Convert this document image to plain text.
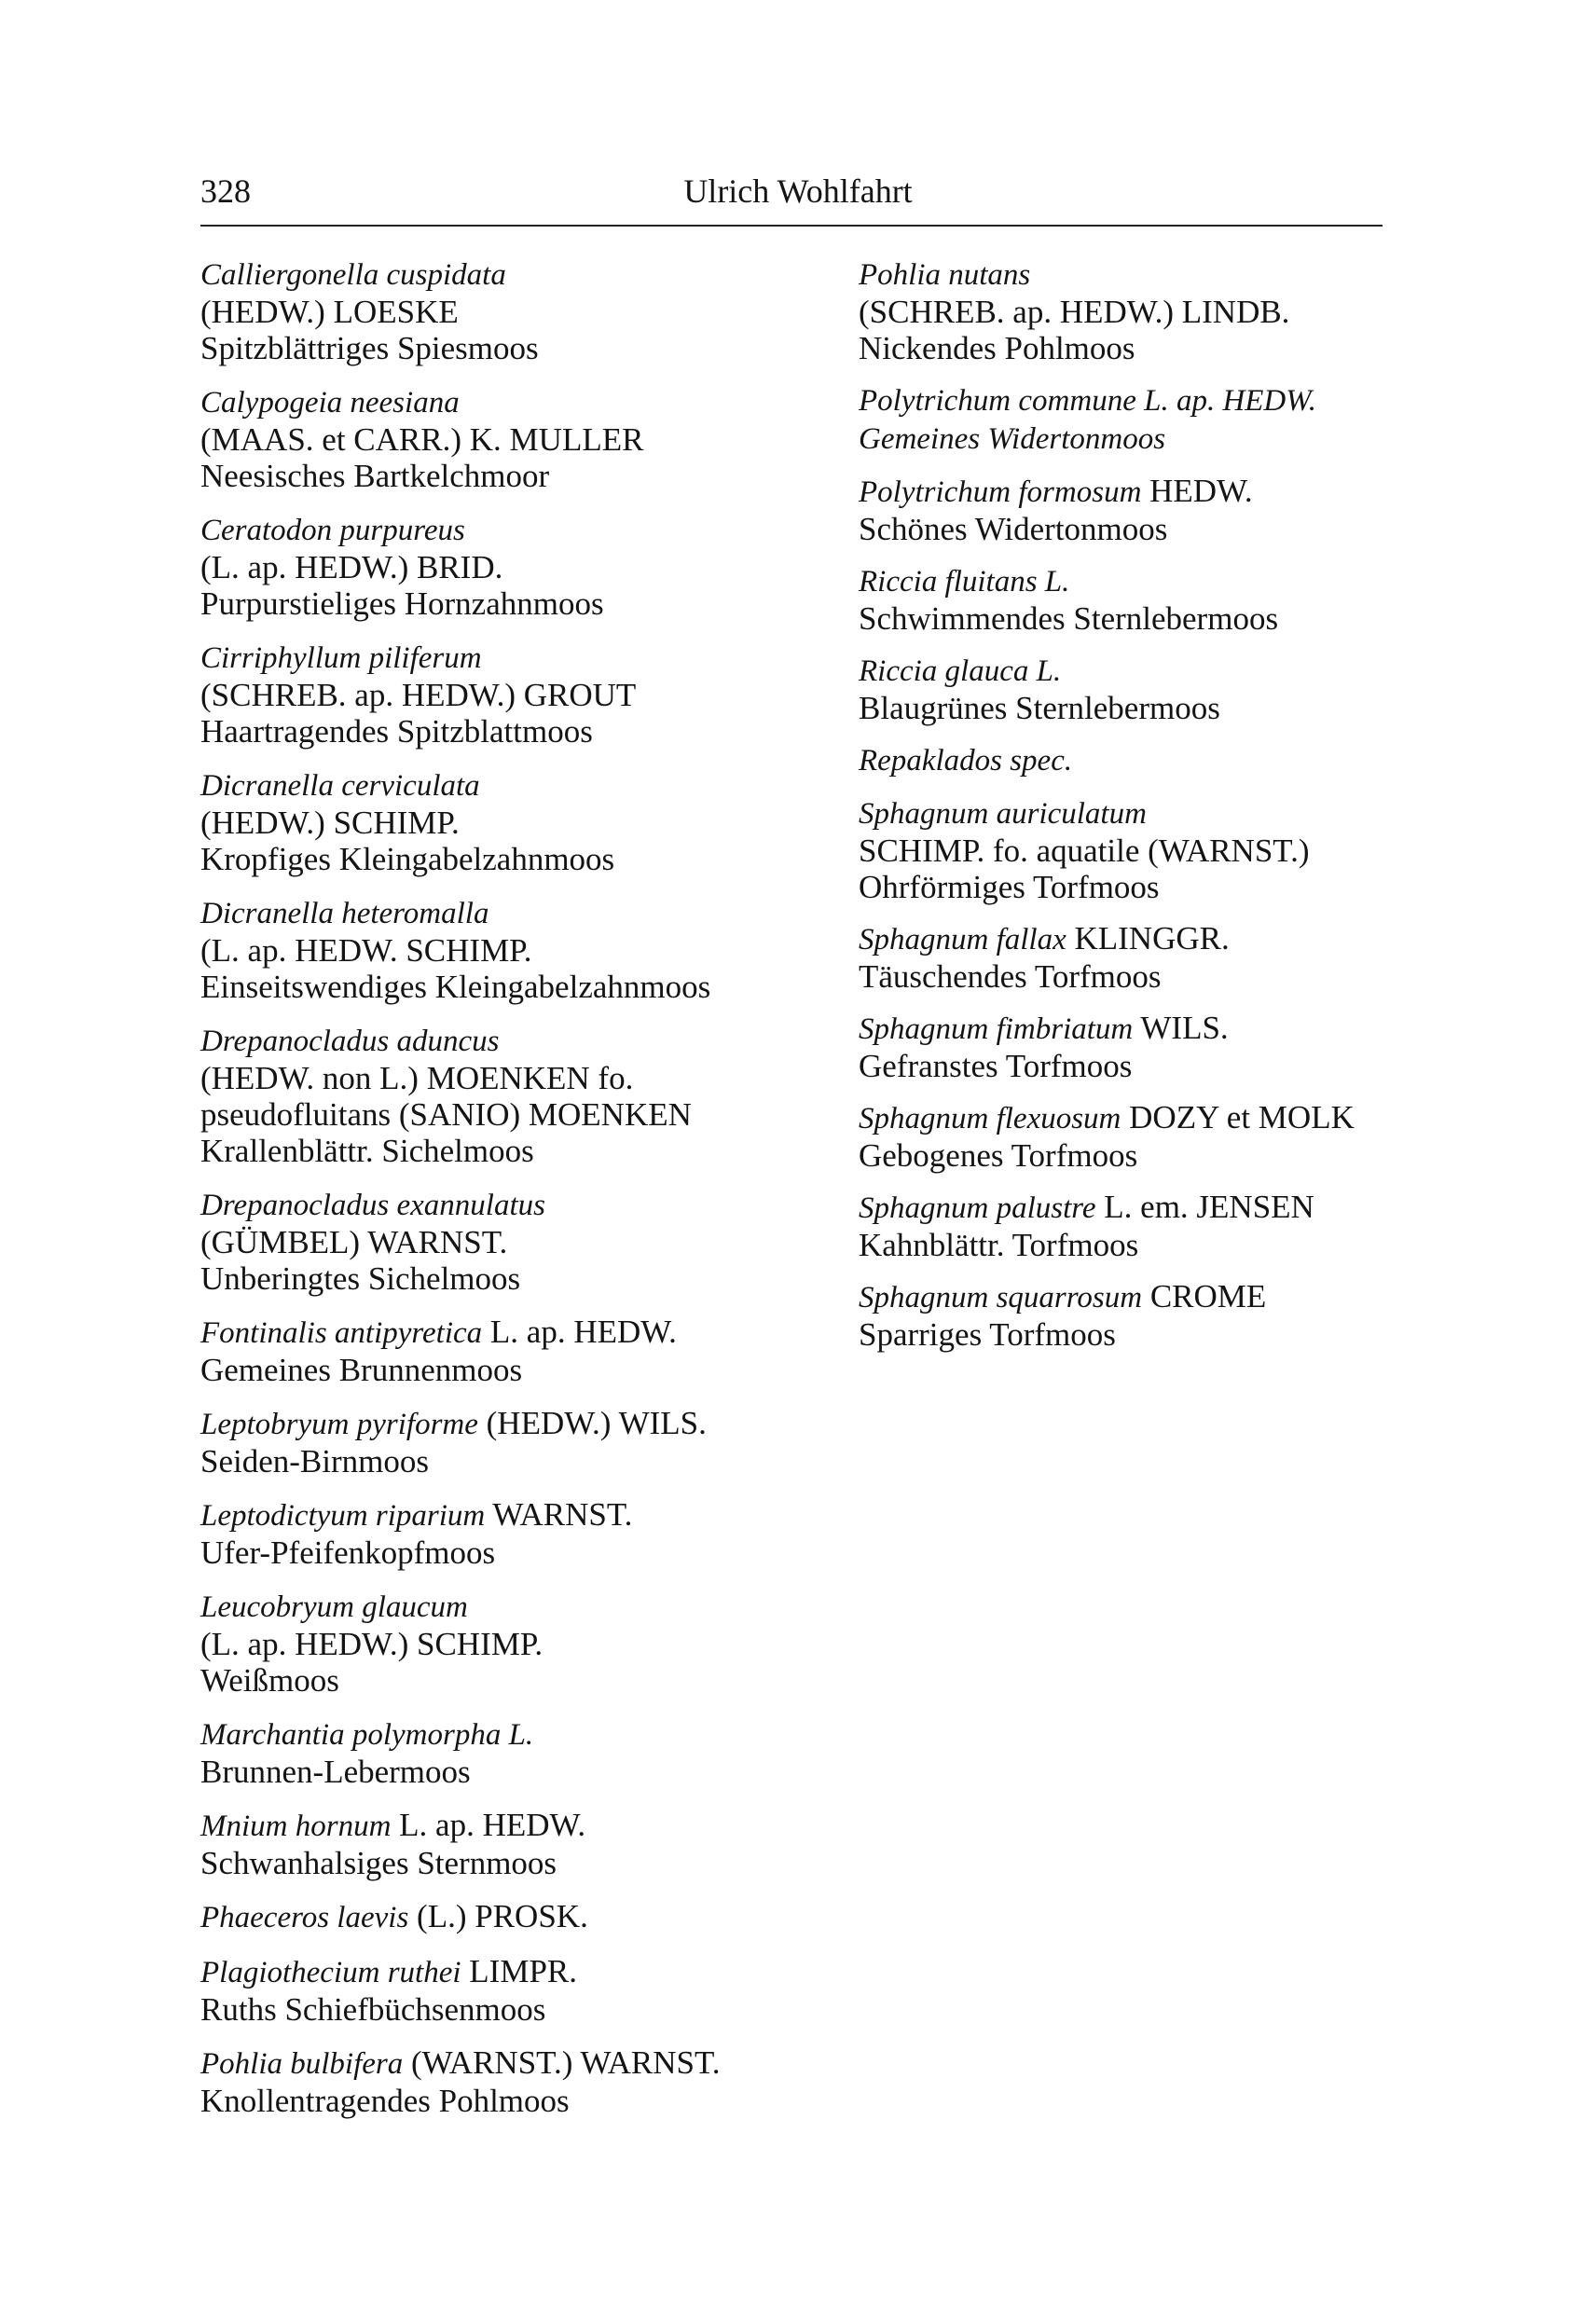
328	Ulrich Wohlfahrt

Calliergonella cuspidata
(HEDW.) LOESKE
Spitzblättriges Spiesmoos

Calypogeia neesiana
(MAAS. et CARR.) K. MULLER
Neesisches Bartkelchmoor

Ceratodon purpureus
(L. ap. HEDW.) BRID.
Purpurstieliges Hornzahnmoos

Cirriphyllum piliferum
(SCHREB. ap. HEDW.) GROUT
Haartragendes Spitzblattmoos

Dicranella cerviculata
(HEDW.) SCHIMP.
Kropfiges Kleingabelzahnmoos

Dicranella heteromalla
(L. ap. HEDW. SCHIMP.
Einseitswendiges Kleingabelzahnmoos

Drepanocladus aduncus
(HEDW. non L.) MOENKEN fo.
pseudofluitans (SANIO) MOENKEN
Krallenblättr. Sichelmoos

Drepanocladus exannulatus
(GÜMBEL) WARNST.
Unberingtes Sichelmoos

Fontinalis antipyretica L. ap. HEDW.
Gemeines Brunnenmoos

Leptobryum pyriforme (HEDW.) WILS.
Seiden-Birnmoos

Leptodictyum riparium WARNST.
Ufer-Pfeifenkopfmoos

Leucobryum glaucum
(L. ap. HEDW.) SCHIMP.
Weißmoos

Marchantia polymorpha L.
Brunnen-Lebermoos

Mnium hornum L. ap. HEDW.
Schwanhalsiges Sternmoos

Phaeceros laevis (L.) PROSK.

Plagiothecium ruthei LIMPR.
Ruths Schiefbüchsenmoos

Pohlia bulbifera (WARNST.) WARNST.
Knollentragendes Pohlmoos

Pohlia nutans
(SCHREB. ap. HEDW.) LINDB.
Nickendes Pohlmoos

Polytrichum commune L. ap. HEDW.
Gemeines Widertonmoos

Polytrichum formosum HEDW.
Schönes Widertonmoos

Riccia fluitans L.
Schwimmendes Sternlebermoos

Riccia glauca L.
Blaugrünes Sternlebermoos

Repaklados spec.

Sphagnum auriculatum
SCHIMP. fo. aquatile (WARNST.)
Ohrförmiges Torfmoos

Sphagnum fallax KLINGGR.
Täuschendes Torfmoos

Sphagnum fimbriatum WILS.
Gefranstes Torfmoos

Sphagnum flexuosum DOZY et MOLK
Gebogenes Torfmoos

Sphagnum palustre L. em. JENSEN
Kahnblättr. Torfmoos

Sphagnum squarrosum CROME
Sparriges Torfmoos
